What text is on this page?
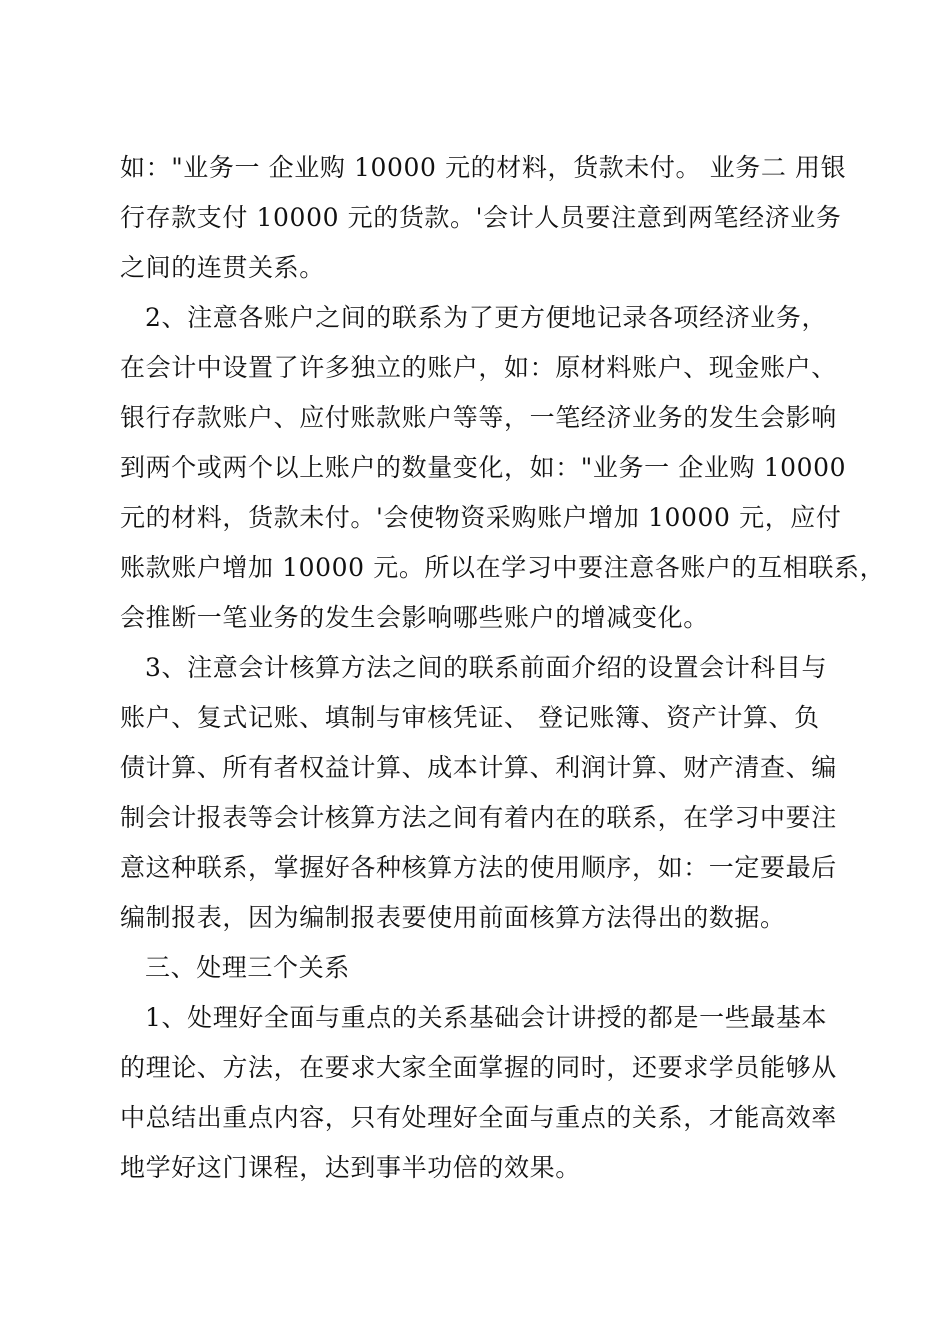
如："业务一 企业购 10000 元的材料，货款未付。 业务二 用银
行存款支付 10000 元的货款。'会计人员要注意到两笔经济业务
之间的连贯关系。
2、注意各账户之间的联系为了更方便地记录各项经济业务，
在会计中设置了许多独立的账户，如：原材料账户、现金账户、
银行存款账户、应付账款账户等等，一笔经济业务的发生会影响
到两个或两个以上账户的数量变化，如："业务一 企业购 10000
元的材料，货款未付。'会使物资采购账户增加 10000 元，应付
账款账户增加 10000 元。所以在学习中要注意各账户的互相联系，
会推断一笔业务的发生会影响哪些账户的增减变化。
3、注意会计核算方法之间的联系前面介绍的设置会计科目与
账户、复式记账、填制与审核凭证、 登记账簿、资产计算、负
债计算、所有者权益计算、成本计算、利润计算、财产清查、编
制会计报表等会计核算方法之间有着内在的联系，在学习中要注
意这种联系，掌握好各种核算方法的使用顺序，如：一定要最后
编制报表，因为编制报表要使用前面核算方法得出的数据。
三、处理三个关系
1、处理好全面与重点的关系基础会计讲授的都是一些最基本
的理论、方法，在要求大家全面掌握的同时，还要求学员能够从
中总结出重点内容，只有处理好全面与重点的关系，才能高效率
地学好这门课程，达到事半功倍的效果。
